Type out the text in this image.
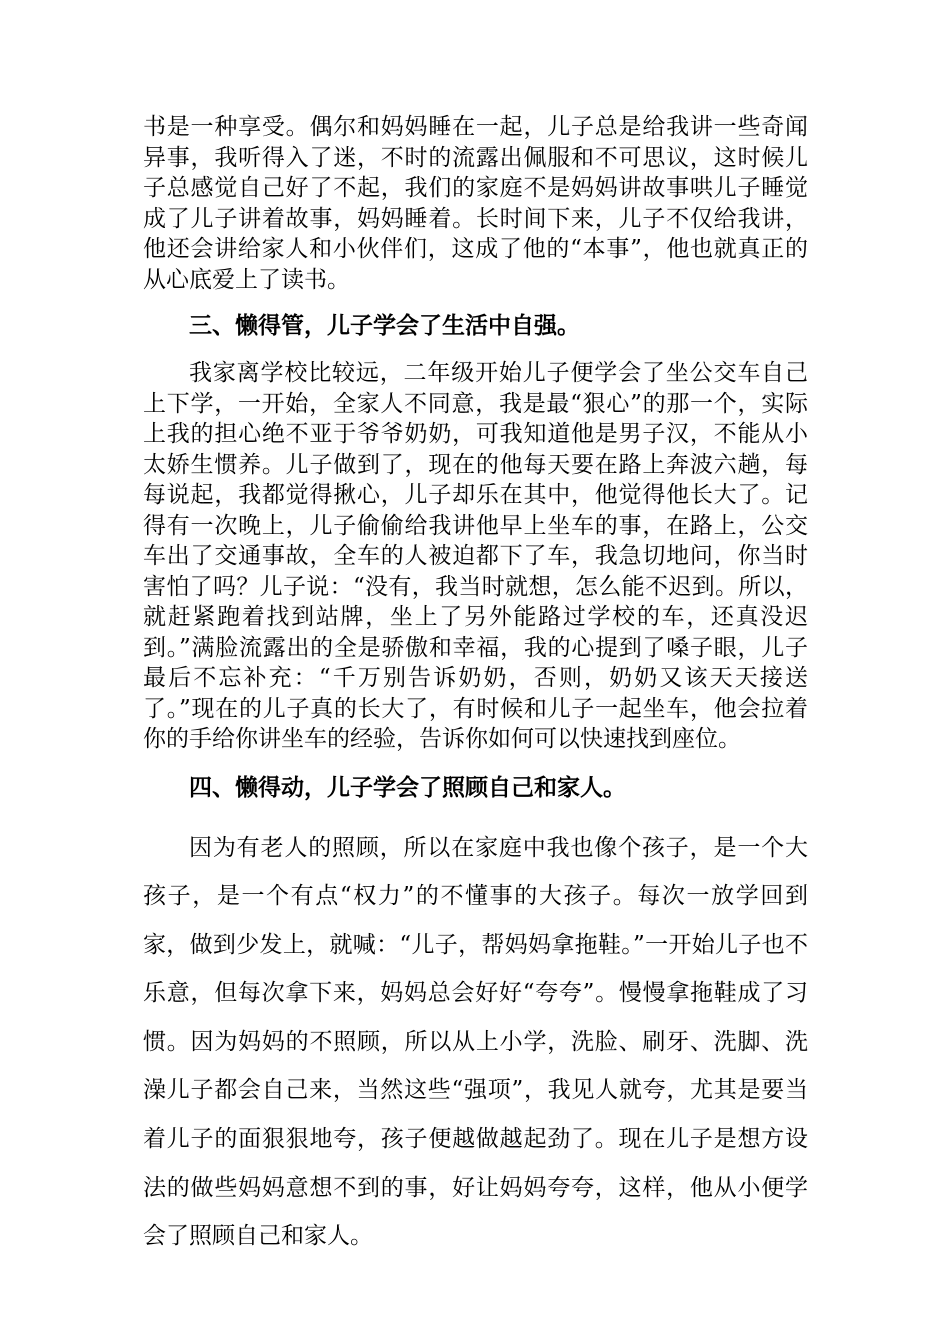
书是一种享受。偶尔和妈妈睡在一起，儿子总是给我讲一些奇闻异事，我听得入了迷，不时的流露出佩服和不可思议，这时候儿子总感觉自己好了不起，我们的家庭不是妈妈讲故事哄儿子睡觉成了儿子讲着故事，妈妈睡着。长时间下来，儿子不仅给我讲，他还会讲给家人和小伙伴们，这成了他的“本事”，他也就真正的从心底爱上了读书。

三、懒得管，儿子学会了生活中自强。

我家离学校比较远，二年级开始儿子便学会了坐公交车自己上下学，一开始，全家人不同意，我是最“狠心”的那一个，实际上我的担心绝不亚于爷爷奶奶，可我知道他是男子汉，不能从小太娇生惯养。儿子做到了，现在的他每天要在路上奔波六趟，每每说起，我都觉得揪心，儿子却乐在其中，他觉得他长大了。记得有一次晚上，儿子偷偷给我讲他早上坐车的事，在路上，公交车出了交通事故，全车的人被迫都下了车，我急切地问，你当时害怕了吗？儿子说：“没有，我当时就想，怎么能不迟到。所以，就赶紧跑着找到站牌，坐上了另外能路过学校的车，还真没迟到。”满脸流露出的全是骄傲和幸福，我的心提到了嗓子眼，儿子最后不忘补充：“千万别告诉奶奶，否则，奶奶又该天天接送了。”现在的儿子真的长大了，有时候和儿子一起坐车，他会拉着你的手给你讲坐车的经验，告诉你如何可以快速找到座位。

四、懒得动，儿子学会了照顾自己和家人。

因为有老人的照顾，所以在家庭中我也像个孩子，是一个大孩子，是一个有点“权力”的不懂事的大孩子。每次一放学回到家，做到少发上，就喊：“儿子，帮妈妈拿拖鞋。”一开始儿子也不乐意，但每次拿下来，妈妈总会好好“夸夸”。慢慢拿拖鞋成了习惯。因为妈妈的不照顾，所以从上小学，洗脸、刷牙、洗脚、洗澡儿子都会自己来，当然这些“强项”，我见人就夸，尤其是要当着儿子的面狠狠地夸，孩子便越做越起劲了。现在儿子是想方设法的做些妈妈意想不到的事，好让妈妈夸夸，这样，他从小便学会了照顾自己和家人。
